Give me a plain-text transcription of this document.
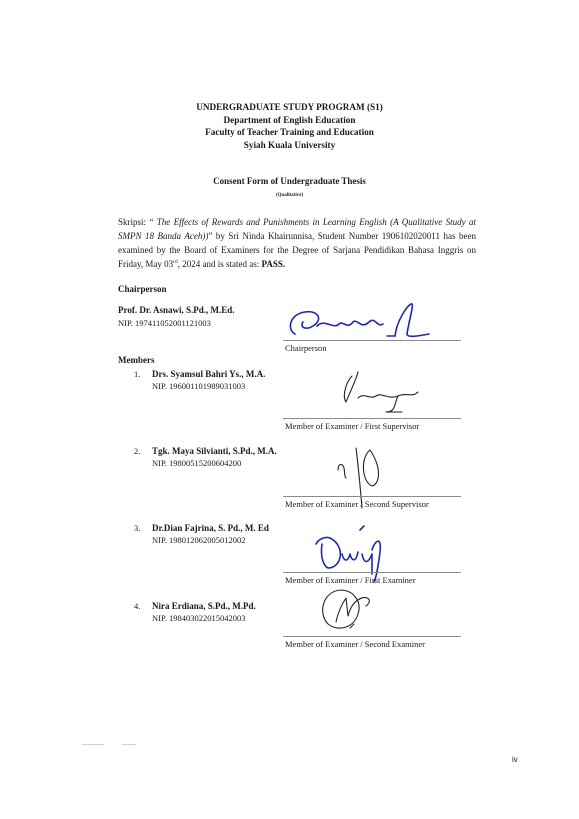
UNDERGRADUATE STUDY PROGRAM (S1)
Department of English Education
Faculty of Teacher Training and Education
Syiah Kuala University
Consent Form of Undergraduate Thesis
(Qualitative)
Skripsi: “ The Effects of Rewards and Punishments in Learning English (A Qualitative Study at SMPN 18 Banda Aceh))” by Sri Ninda Khairunnisa, Student Number 1906102020011 has been examined by the Board of Examiners for the Degree of Sarjana Pendidikan Bahasa Inggris on Friday, May 03rd, 2024 and is stated as: PASS.
Chairperson
Prof. Dr. Asnawi, S.Pd., M.Ed.
NIP. 197411052001121003
Chairperson
Members
1. Drs. Syamsul Bahri Ys., M.A.
NIP. 196001101989031003
Member of Examiner / First Supervisor
2. Tgk. Maya Silvianti, S.Pd., M.A.
NIP. 19800515200604200
Member of Examiner / Second Supervisor
3. Dr.Dian Fajrina, S. Pd., M. Ed
NIP. 198012062005012002
Member of Examiner / First Examiner
4. Nira Erdiana, S.Pd., M.Pd.
NIP. 198403022015042003
Member of Examiner / Second Examiner
iv
